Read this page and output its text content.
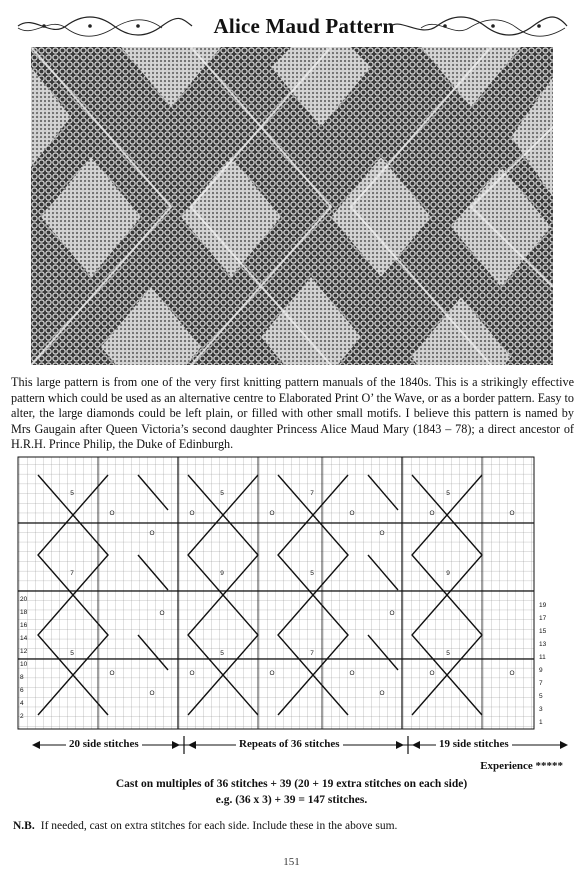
Alice Maud Pattern
This large pattern is from one of the very first knitting pattern manuals of the 1840s. This is a strikingly effective pattern which could be used as an alternative centre to Elaborated Print O’ the Wave, or as a border pattern. Easy to alter, the large diamonds could be left plain, or filled with other small motifs. I believe this pattern is named by Mrs Gaugain after Queen Victoria’s second daughter Princess Alice Maud Mary (1843 – 78); a direct ancestor of H.R.H. Prince Philip, the Duke of Edinburgh.
5
7
5
5
9
5
7
5
7
5
9
5
O
O
O
O
O
O
O	O	O	O	O	O
O	O	O	O	O	O
19
17
15
13
11
9
7
5
3
1
20
18
16
14
12
10
8
6
4
2
20 side stitches	Repeats of 36 stitches	19 side stitches
Experience *****
Cast on multiples of 36 stitches + 39 (20 + 19 extra stitches on each side)
e.g. (36 x 3) + 39 = 147 stitches.
N.B. If needed, cast on extra stitches for each side. Include these in the above sum.
151
